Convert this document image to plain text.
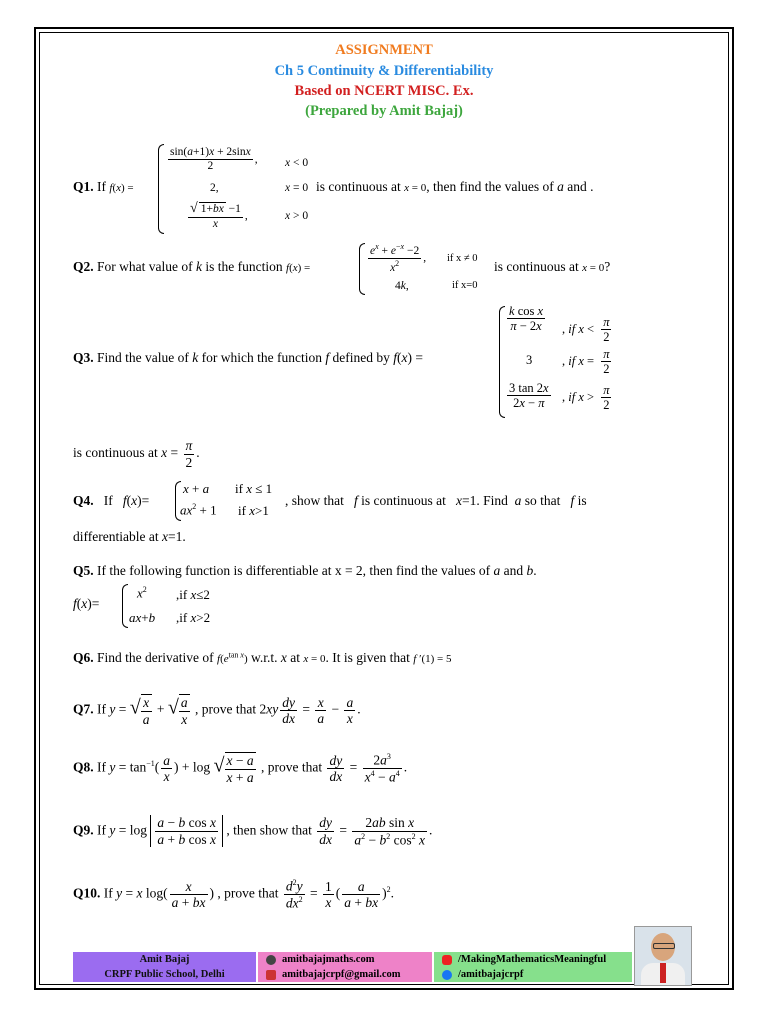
ASSIGNMENT
Ch 5 Continuity & Differentiability
Based on NCERT MISC. Ex.
(Prepared by Amit Bajaj)
Q1. If f(x) =
$\frac{\sin(a+1)x + 2\sin x}{2}$ , x < 0
2,	x = 0
$\frac{√ 1+bx -1}{x}$ ,	x > 0
is continuous at x = 0, then find the values of a and .
Q2. For what value of k is the function f(x) =	$\frac{e^x + e^{-x} -2}{x^2}$ , if x ≠ 0
4k,	if x=0
is continuous at x = 0?
Q3. Find the value of k for which the function f defined by f(x) =
$\frac{\text{k cos x}}{\pi - 2x}$ , if $x < \frac{\pi}{2}$
3 , if $x = \frac{\pi}{2}$
$\frac{3 \tan 2x}{2x - \pi}$ , if $x > \frac{\pi}{2}$
is continuous at $x = \frac{\pi}{2}$ .
Q4. If f(x)=
x + a if x ≤ 1
$ax^2 + 1$ if x>1
, show that f is continuous at x=1. Find a so that f is
differentiable at x=1.
Q5. If the following function is differentiable at x = 2, then find the values of a and b.
f(x)=
$x^2$ ,if x≤2
ax+b ,if x>2
Q6. Find the derivative of $f(e^{tan x})$ w.r.t. x at x = 0. It is given that f ′(1) = 5
Q7. If y = √ $\frac{x}{a}$ + √ $\frac{a}{x}$ , prove that $2xy \frac{dy}{dx} = \frac{x}{a} - \frac{a}{x}$ .
Q8. If $y = \tan^{-1}( \frac{a}{x}$ ) + log √ $\frac{x - a}{x + a}$ , prove that $\frac{dy}{dx} = \frac{2a^3}{x^4 - a^4}$ .
Q9. If $y = \log \frac{\text{a − b cos x}}{\text{a + b cos x}}$ , then show that $\frac{dy}{dx} = \frac{\text{2ab sin x}}{a^2 - b^2 \cos^2 x}$ .
Q10. If y = x $\log( \frac{x}{a + bx}$ ) , prove that $\frac{d^2y}{dx^2} = \frac{1}{x}$ ( $\frac{a}{a + bx} )^2$.
Amit Bajaj
CRPF Public School, Delhi
amitbajajmaths.com
amitbajajcrpf@gmail.com
/MakingMathematicsMeaningful
/amitbajajcrpf
